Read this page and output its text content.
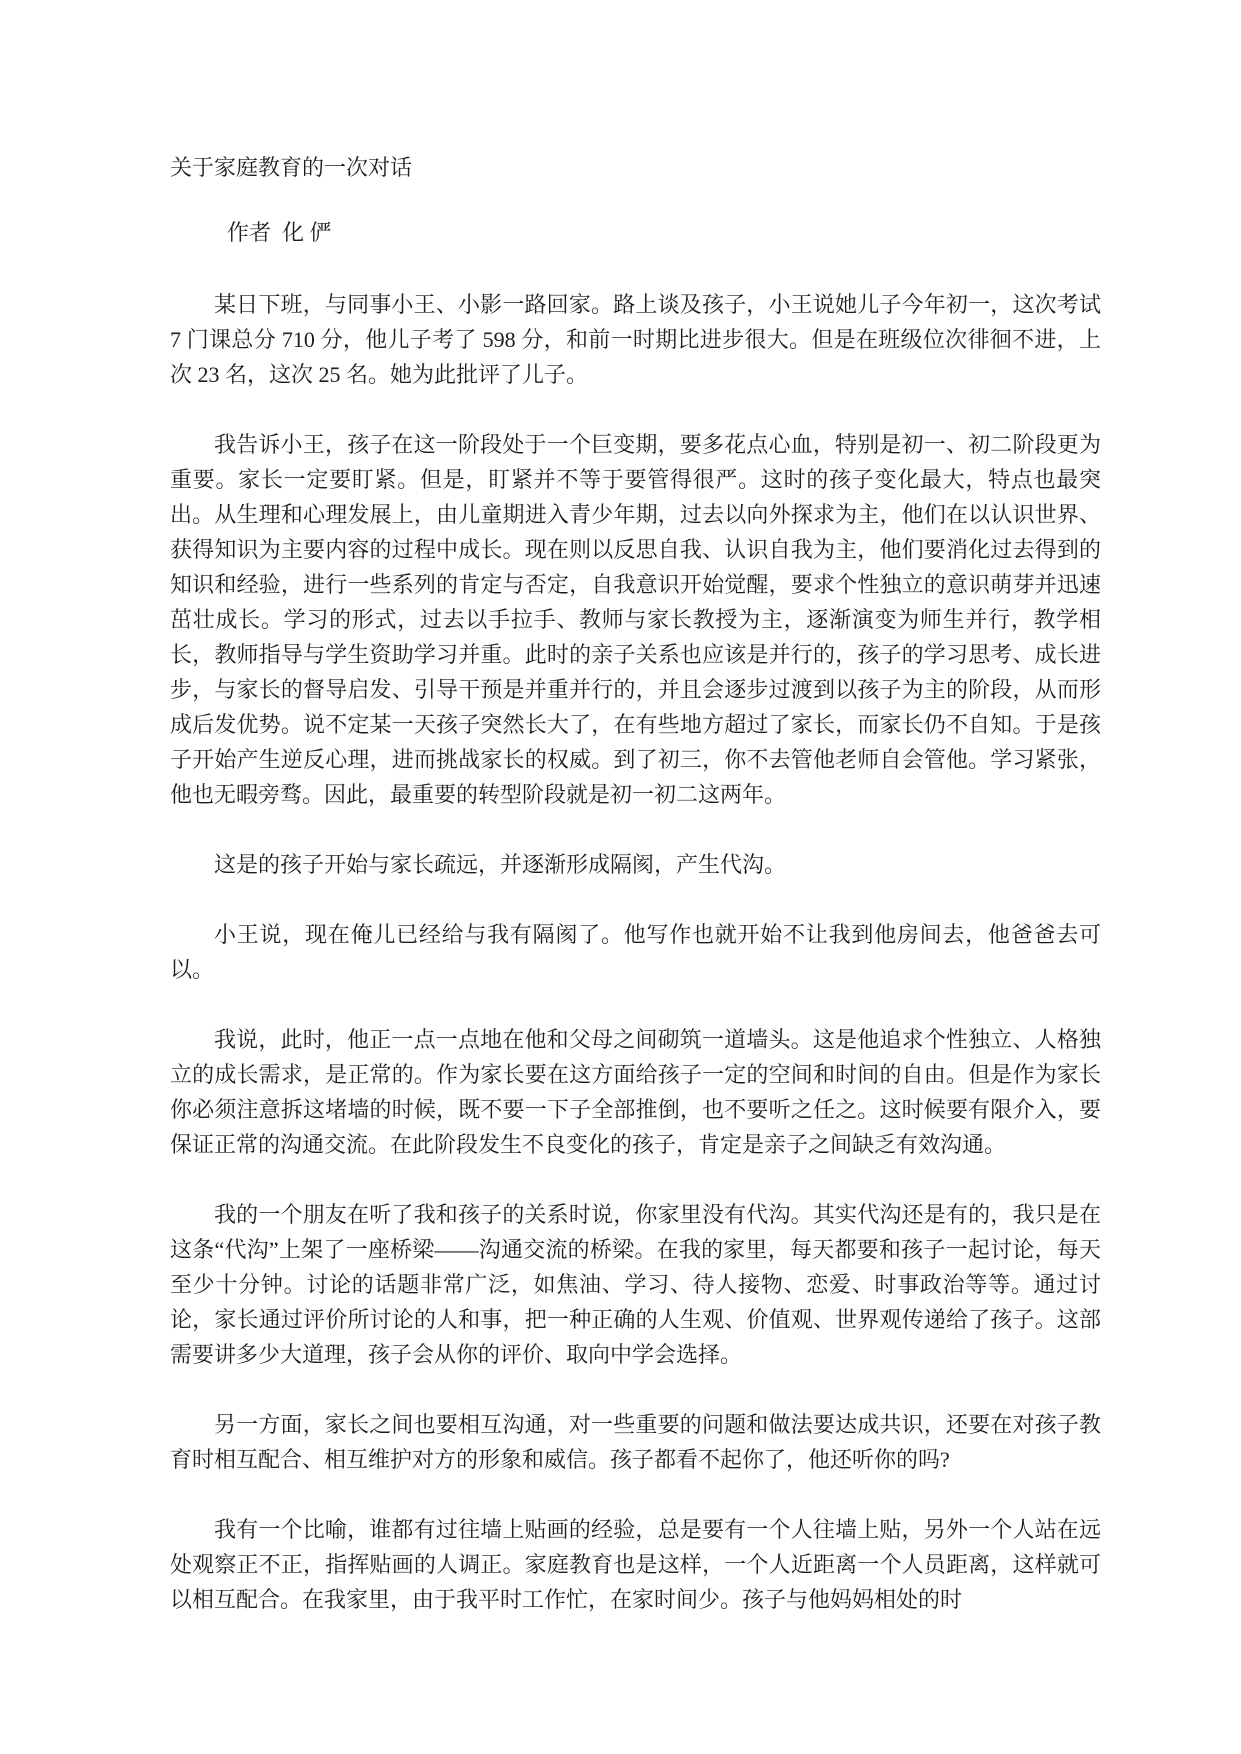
关于家庭教育的一次对话

作者  化 俨

某日下班，与同事小王、小影一路回家。路上谈及孩子，小王说她儿子今年初一，这次考试 7 门课总分 710 分，他儿子考了 598 分，和前一时期比进步很大。但是在班级位次徘徊不进，上次 23 名，这次 25 名。她为此批评了儿子。

我告诉小王，孩子在这一阶段处于一个巨变期，要多花点心血，特别是初一、初二阶段更为重要。家长一定要盯紧。但是，盯紧并不等于要管得很严。这时的孩子变化最大，特点也最突出。从生理和心理发展上，由儿童期进入青少年期，过去以向外探求为主，他们在以认识世界、获得知识为主要内容的过程中成长。现在则以反思自我、认识自我为主，他们要消化过去得到的知识和经验，进行一些系列的肯定与否定，自我意识开始觉醒，要求个性独立的意识萌芽并迅速茁壮成长。学习的形式，过去以手拉手、教师与家长教授为主，逐渐演变为师生并行，教学相长，教师指导与学生资助学习并重。此时的亲子关系也应该是并行的，孩子的学习思考、成长进步，与家长的督导启发、引导干预是并重并行的，并且会逐步过渡到以孩子为主的阶段，从而形成后发优势。说不定某一天孩子突然长大了，在有些地方超过了家长，而家长仍不自知。于是孩子开始产生逆反心理，进而挑战家长的权威。到了初三，你不去管他老师自会管他。学习紧张，他也无暇旁骛。因此，最重要的转型阶段就是初一初二这两年。

这是的孩子开始与家长疏远，并逐渐形成隔阂，产生代沟。

小王说，现在俺儿已经给与我有隔阂了。他写作也就开始不让我到他房间去，他爸爸去可以。

我说，此时，他正一点一点地在他和父母之间砌筑一道墙头。这是他追求个性独立、人格独立的成长需求，是正常的。作为家长要在这方面给孩子一定的空间和时间的自由。但是作为家长你必须注意拆这堵墙的时候，既不要一下子全部推倒，也不要听之任之。这时候要有限介入，要保证正常的沟通交流。在此阶段发生不良变化的孩子，肯定是亲子之间缺乏有效沟通。

我的一个朋友在听了我和孩子的关系时说，你家里没有代沟。其实代沟还是有的，我只是在这条“代沟”上架了一座桥梁——沟通交流的桥梁。在我的家里，每天都要和孩子一起讨论，每天至少十分钟。讨论的话题非常广泛，如焦油、学习、待人接物、恋爱、时事政治等等。通过讨论，家长通过评价所讨论的人和事，把一种正确的人生观、价值观、世界观传递给了孩子。这部需要讲多少大道理，孩子会从你的评价、取向中学会选择。

另一方面，家长之间也要相互沟通，对一些重要的问题和做法要达成共识，还要在对孩子教育时相互配合、相互维护对方的形象和威信。孩子都看不起你了，他还听你的吗?

我有一个比喻，谁都有过往墙上贴画的经验，总是要有一个人往墙上贴，另外一个人站在远处观察正不正，指挥贴画的人调正。家庭教育也是这样，一个人近距离一个人员距离，这样就可以相互配合。在我家里，由于我平时工作忙，在家时间少。孩子与他妈妈相处的时
